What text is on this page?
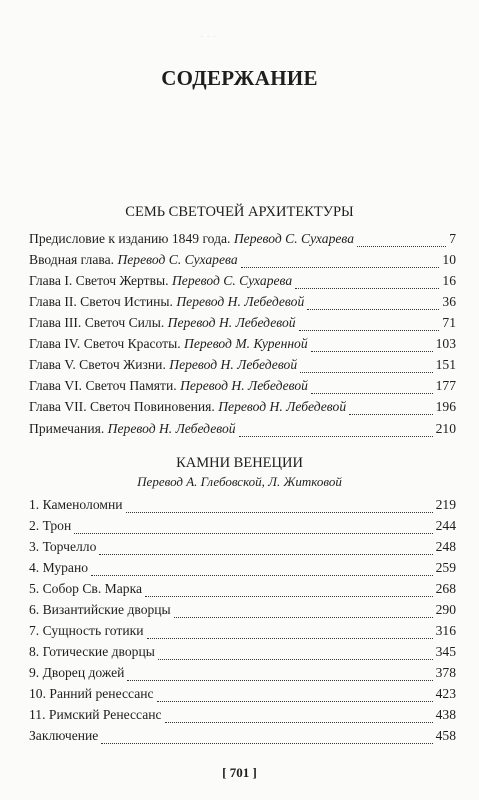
· · ·
СОДЕРЖАНИЕ
СЕМЬ СВЕТОЧЕЙ АРХИТЕКТУРЫ
Предисловие к изданию 1849 года. Перевод С. Сухарева	7
Вводная глава. Перевод С. Сухарева	10
Глава I. Светоч Жертвы. Перевод С. Сухарева	16
Глава II. Светоч Истины. Перевод Н. Лебедевой	36
Глава III. Светоч Силы. Перевод Н. Лебедевой	71
Глава IV. Светоч Красоты. Перевод М. Куренной	103
Глава V. Светоч Жизни. Перевод Н. Лебедевой	151
Глава VI. Светоч Памяти. Перевод Н. Лебедевой	177
Глава VII. Светоч Повиновения. Перевод Н. Лебедевой	196
Примечания. Перевод Н. Лебедевой	210
КАМНИ ВЕНЕЦИИ
Перевод А. Глебовской, Л. Житковой
1. Каменоломни	219
2. Трон	244
3. Торчелло	248
4. Мурано	259
5. Собор Св. Марка	268
6. Византийские дворцы	290
7. Сущность готики	316
8. Готические дворцы	345
9. Дворец дожей	378
10. Ранний ренессанс	423
11. Римский Ренессанс	438
Заключение	458
[ 701 ]
